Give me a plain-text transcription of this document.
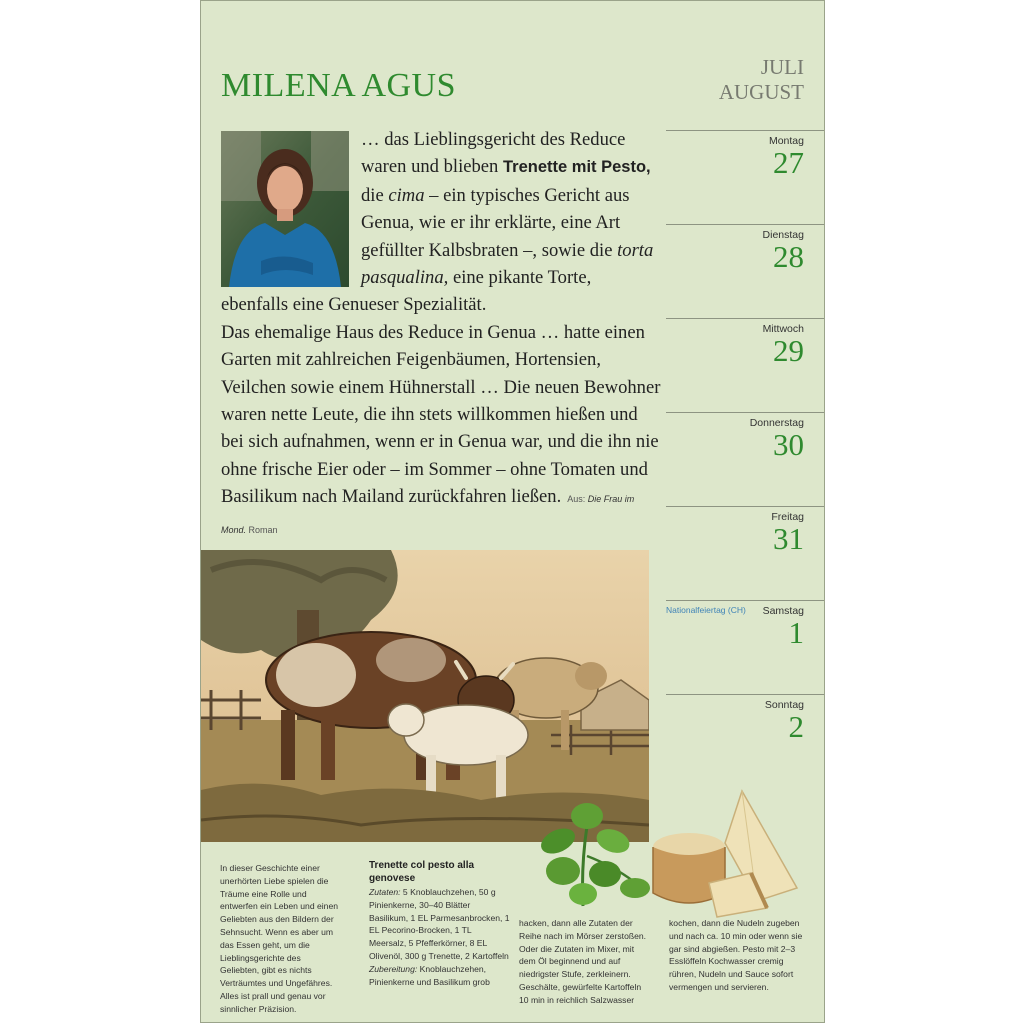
MILENA AGUS	JULI
AUGUST
… das Lieblingsgericht des Reduce waren und blieben Trenette mit Pesto, die cima – ein typisches Gericht aus Genua, wie er ihr erklärte, eine Art gefüllter Kalbsbraten –, sowie die torta pasqualina, eine pikante Torte, ebenfalls eine Genueser Spezialität.
Das ehemalige Haus des Reduce in Genua … hatte einen Garten mit zahlreichen Feigenbäumen, Hortensien, Veilchen sowie einem Hühnerstall … Die neuen Bewohner waren nette Leute, die ihn stets willkommen hießen und bei sich aufnahmen, wenn er in Genua war, und die ihn nie ohne frische Eier oder – im Sommer – ohne Tomaten und Basilikum nach Mailand zurückfahren ließen. Aus: Die Frau im Mond. Roman
Montag
27
Dienstag
28
Mittwoch
29
Donnerstag
30
Freitag
31
Nationalfeiertag (CH) Samstag
1
Sonntag
2
In dieser Geschichte einer unerhörten Liebe spielen die Träume eine Rolle und entwerfen ein Leben und einen Geliebten aus den Bildern der Sehnsucht. Wenn es aber um das Essen geht, um die Lieblingsgerichte des Geliebten, gibt es nichts Verträumtes und Ungefähres. Alles ist prall und genau vor sinnlicher Präzision.
Trenette col pesto alla genovese
Zutaten: 5 Knoblauchzehen, 50 g Pinienkerne, 30–40 Blätter Basilikum, 1 EL Parmesanbrocken, 1 EL Pecorino-Brocken, 1 TL Meersalz, 5 Pfefferkörner, 8 EL Olivenöl, 300 g Trenette, 2 Kartoffeln
Zubereitung: Knoblauchzehen, Pinienkerne und Basilikum grob
hacken, dann alle Zutaten der Reihe nach im Mörser zerstoßen. Oder die Zutaten im Mixer, mit dem Öl beginnend und auf niedrigster Stufe, zerkleinern. Geschälte, gewürfelte Kartoffeln 10 min in reichlich Salzwasser
kochen, dann die Nudeln zugeben und nach ca. 10 min oder wenn sie gar sind abgießen. Pesto mit 2–3 Esslöffeln Kochwasser cremig rühren, Nudeln und Sauce sofort vermengen und servieren.
